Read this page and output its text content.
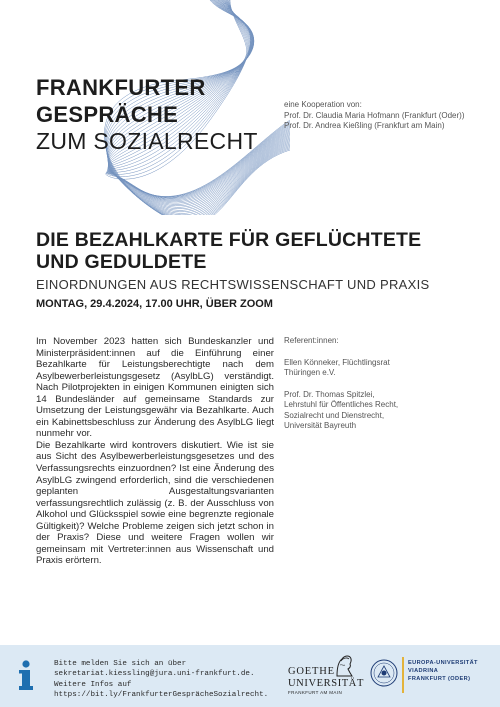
FRANKFURTER
GESPRÄCHE
ZUM SOZIALRECHT
eine Kooperation von:
Prof. Dr. Claudia Maria Hofmann (Frankfurt (Oder))
Prof. Dr. Andrea Kießling (Frankfurt am Main)
DIE BEZAHLKARTE FÜR GEFLÜCHTETE
UND GEDULDETE
EINORDNUNGEN AUS RECHTSWISSENSCHAFT UND PRAXIS
MONTAG, 29.4.2024, 17.00 UHR, ÜBER ZOOM

Im November 2023 hatten sich Bundeskanzler und Ministerpräsident:innen auf die Einführung einer Bezahlkarte für Leistungsberechtigte nach dem Asylbewerberleistungsgesetz (AsylbLG) verständigt. Nach Pilotprojekten in einigen Kommunen einigten sich 14 Bundesländer auf gemeinsame Standards zur Umsetzung der Leistungsgewähr via Bezahlkarte. Auch ein Kabinettsbeschluss zur Änderung des AsylbLG liegt nunmehr vor.

Die Bezahlkarte wird kontrovers diskutiert. Wie ist sie aus Sicht des Asylbewerberleistungsgesetzes und des Verfassungsrechts einzuordnen? Ist eine Änderung des AsylbLG zwingend erforderlich, sind die verschiedenen geplanten Ausgestaltungsvarianten verfassungsrechtlich zulässig (z. B. der Ausschluss von Alkohol und Glücksspiel sowie eine begrenzte regionale Gültigkeit)? Welche Probleme zeigen sich jetzt schon in der Praxis? Diese und weitere Fragen wollen wir gemeinsam mit Vertreter:innen aus Wissenschaft und Praxis erörtern.

Referent:innen:

Ellen Könneker, Flüchtlingsrat Thüringen e.V.

Prof. Dr. Thomas Spitzlei, Lehrstuhl für Öffentliches Recht, Sozialrecht und Dienstrecht, Universität Bayreuth

Bitte melden Sie sich an über
sekretariat.kiessling@jura.uni-frankfurt.de.
Weitere Infos auf
https://bit.ly/FrankfurterGesprächeSozialrecht.
GOETHE
UNIVERSITÄT
FRANKFURT AM MAIN
EUROPA-UNIVERSITÄT
VIADRINA
FRANKFURT (ODER)
